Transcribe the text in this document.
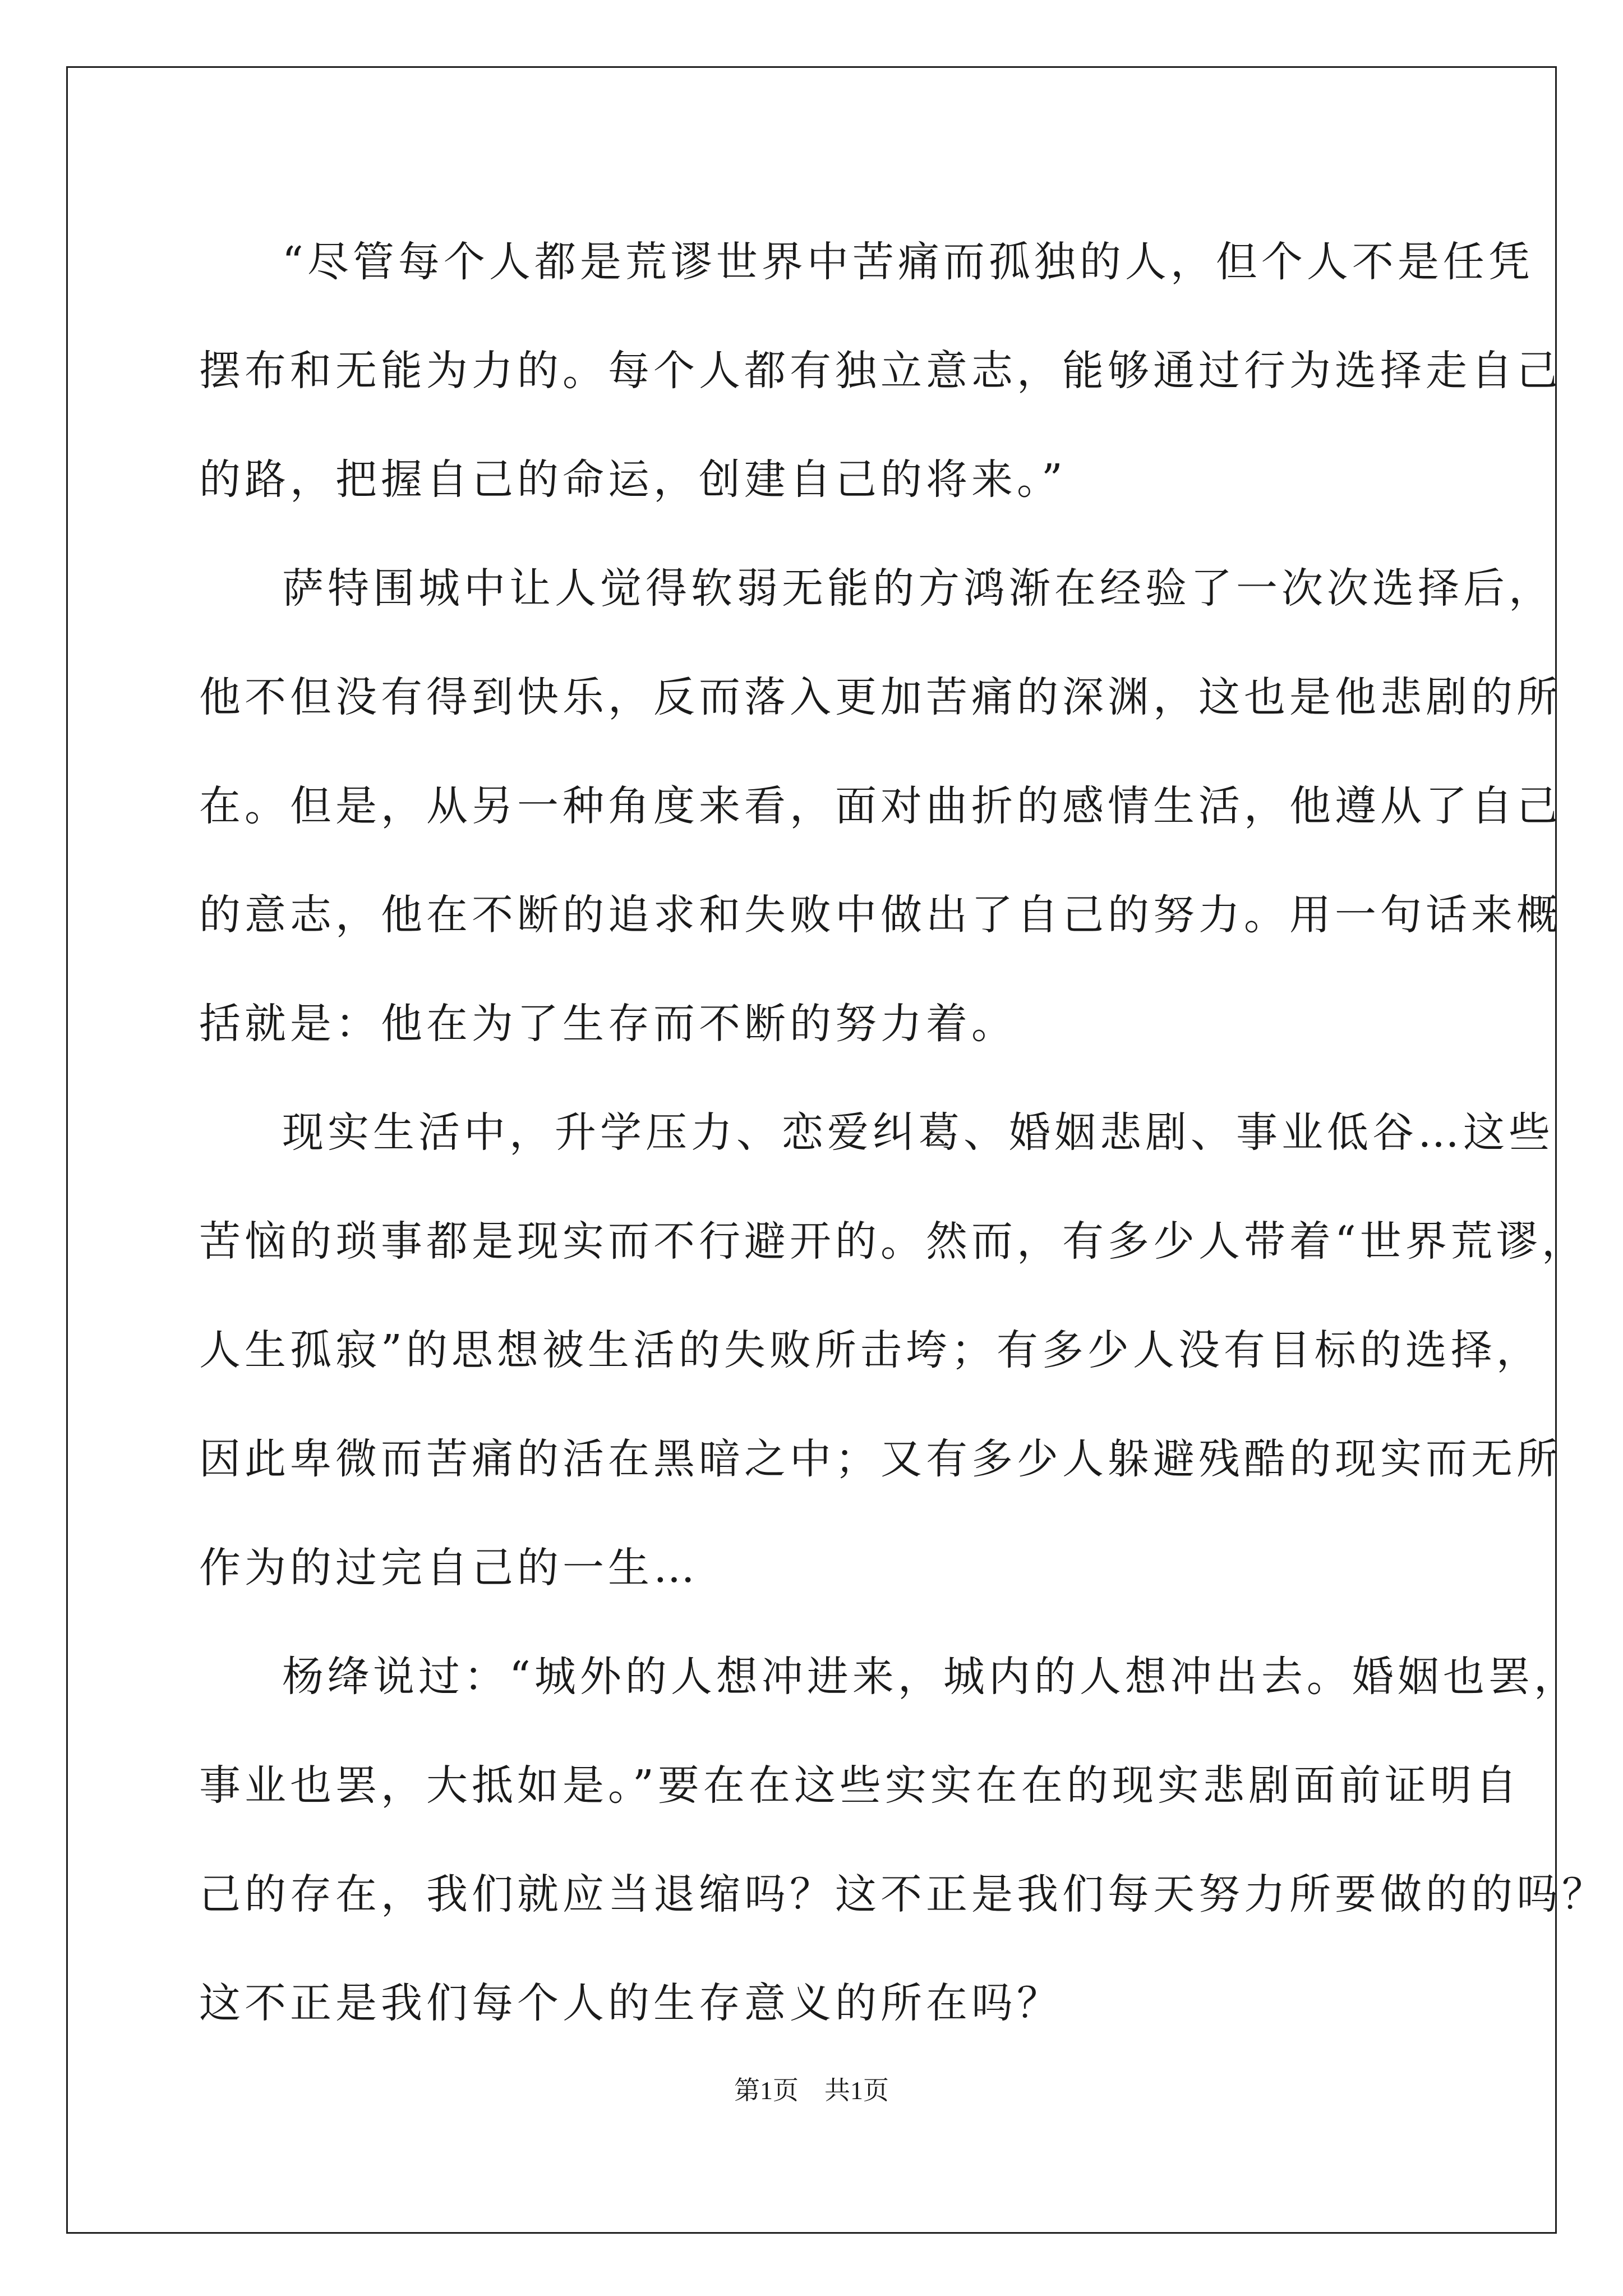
“尽管每个人都是荒谬世界中苦痛而孤独的人，但个人不是任凭
摆布和无能为力的。每个人都有独立意志，能够通过行为选择走自己
的路，把握自己的命运，创建自己的将来。”
萨特围城中让人觉得软弱无能的方鸿渐在经验了一次次选择后，
他不但没有得到快乐，反而落入更加苦痛的深渊，这也是他悲剧的所
在。但是，从另一种角度来看，面对曲折的感情生活，他遵从了自己
的意志，他在不断的追求和失败中做出了自己的努力。用一句话来概
括就是：他在为了生存而不断的努力着。
现实生活中，升学压力、恋爱纠葛、婚姻悲剧、事业低谷…这些
苦恼的琐事都是现实而不行避开的。然而，有多少人带着“世界荒谬，
人生孤寂”的思想被生活的失败所击垮；有多少人没有目标的选择，
因此卑微而苦痛的活在黑暗之中；又有多少人躲避残酷的现实而无所
作为的过完自己的一生…
杨绛说过：“城外的人想冲进来，城内的人想冲出去。婚姻也罢，
事业也罢，大抵如是。”要在在这些实实在在的现实悲剧面前证明自
己的存在，我们就应当退缩吗？这不正是我们每天努力所要做的的吗？
这不正是我们每个人的生存意义的所在吗？
第1页　共1页
